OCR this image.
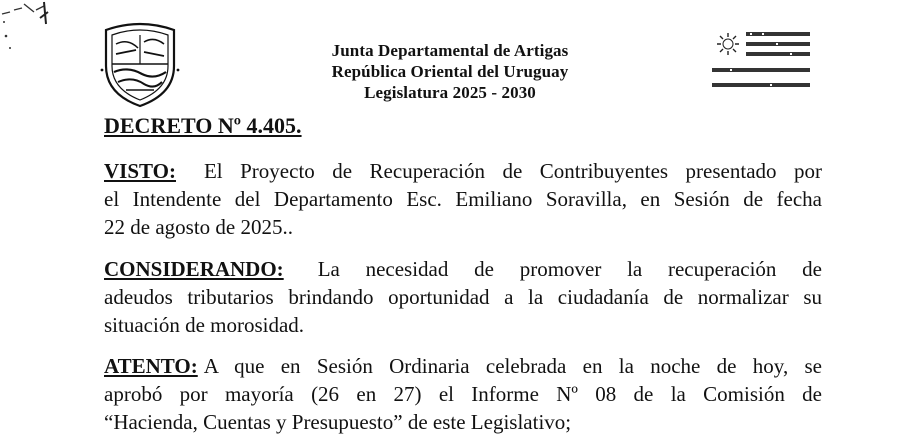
Junta Departamental de Artigas
República Oriental del Uruguay
Legislatura 2025 - 2030
DECRETO Nº 4.405.
VISTO: El Proyecto de Recuperación de Contribuyentes presentado por
el Intendente del Departamento Esc. Emiliano Soravilla, en Sesión de fecha
22 de agosto de 2025..
CONSIDERANDO: La necesidad de promover la recuperación de
adeudos tributarios brindando oportunidad a la ciudadanía de normalizar su
situación de morosidad.
ATENTO: A que en Sesión Ordinaria celebrada en la noche de hoy, se
aprobó por mayoría (26 en 27) el Informe Nº 08 de la Comisión de
“Hacienda, Cuentas y Presupuesto” de este Legislativo;
